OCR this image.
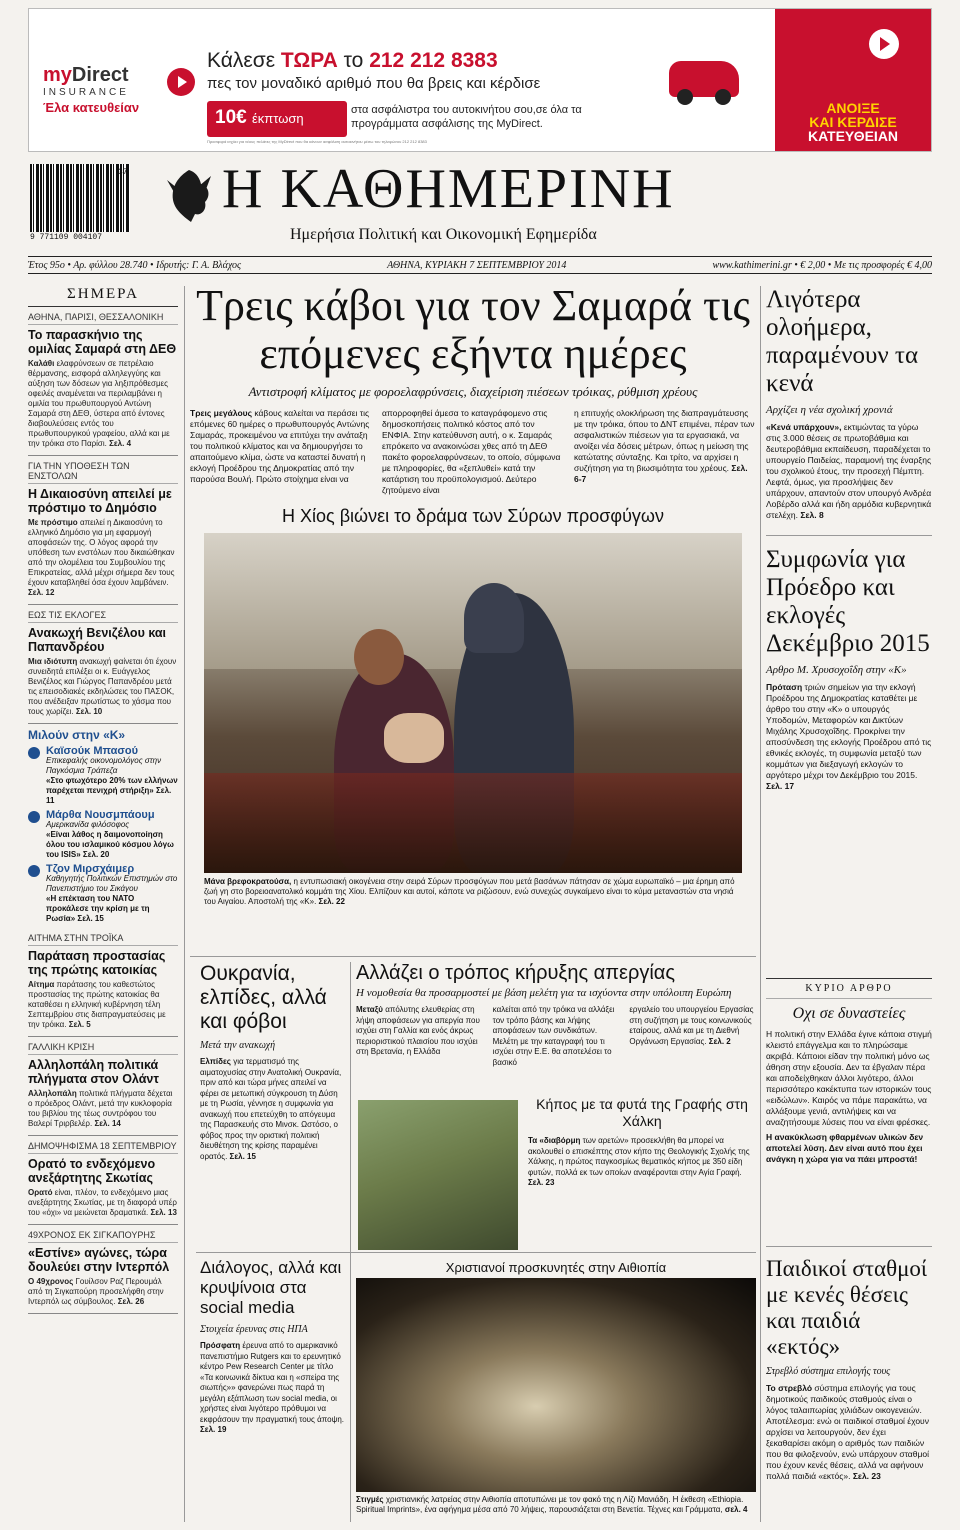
myDirect
INSURANCE
Έλα κατευθείαν
Κάλεσε ΤΩΡΑ το 212 212 8383
πες τον μοναδικό αριθμό που θα βρεις και κέρδισε
10€ έκπτωση
στα ασφάλιστρα του αυτοκινήτου σου,σε όλα τα προγράμματα ασφάλισης της MyDirect.
Προσφορά ισχύει για νέους πελάτες της MyDirect που θα κάνουν ασφάλιση αυτοκινήτου μέσω του τηλεφώνου 212 212 8383
ΑΝΟΙΞΕ
ΚΑΙ ΚΕΡΔΙΣΕ
ΚΑΤΕΥΘΕΙΑΝ
9 771109 004107
37 Η ΚΑΘΗΜΕΡΙΝΗ
Ημερήσια Πολιτική και Οικονομική Εφημερίδα
Έτος 95ο • Αρ. φύλλου 28.740 • Ιδρυτής: Γ. Α. Βλάχος	ΑΘΗΝΑ, ΚΥΡΙΑΚΗ 7 ΣΕΠΤΕΜΒΡΙΟΥ 2014	www.kathimerini.gr • € 2,00 • Με τις προσφορές € 4,00
ΣΗΜΕΡΑ
ΑΘΗΝΑ, ΠΑΡΙΣΙ, ΘΕΣΣΑΛΟΝΙΚΗ
Το παρασκήνιο της ομιλίας Σαμαρά στη ΔΕΘ
Καλάθι ελαφρύνσεων σε πετρέλαιο θέρμανσης, εισφορά αλληλεγγύης και αύξηση των δόσεων για ληξιπρόθεσμες οφειλές αναμένεται να περιλαμβάνει η ομιλία του πρωθυπουργού Αντώνη Σαμαρά στη ΔΕΘ, ύστερα από έντονες διαβουλεύσεις εντός του πρωθυπουργικού γραφείου, αλλά και με την τρόικα στο Παρίσι. Σελ. 4
ΓΙΑ ΤΗΝ ΥΠΟΘΕΣΗ ΤΩΝ ΕΝΣΤΟΛΩΝ
Η Δικαιοσύνη απειλεί με πρόστιμο το Δημόσιο
Με πρόστιμο απειλεί η Δικαιοσύνη το ελληνικό Δημόσιο για μη εφαρμογή αποφάσεών της. Ο λόγος αφορά την υπόθεση των ενστόλων που δικαιώθηκαν από την ολομέλεια του Συμβουλίου της Επικρατείας, αλλά μέχρι σήμερα δεν τους έχουν καταβληθεί όσα έχουν λαμβάνειν. Σελ. 12
ΕΩΣ ΤΙΣ ΕΚΛΟΓΕΣ
Ανακωχή Βενιζέλου και Παπανδρέου
Μια ιδιότυπη ανακωχή φαίνεται ότι έχουν συνειδητά επιλέξει οι κ. Ευάγγελος Βενιζέλος και Γιώργος Παπανδρέου μετά τις επεισοδιακές εκδηλώσεις του ΠΑΣΟΚ, που ανέδειξαν πρωτίστως το χάσμα που τους χωρίζει. Σελ. 10
Μιλούν στην «Κ»
Καϊσούκ Μπασού
Επικεφαλής οικονομολόγος στην Παγκόσμια Τράπεζα
«Στο φτωχότερο 20% των ελλήνων παρέχεται πενιχρή στήριξη» Σελ. 11
Μάρθα Νουσμπάουμ
Αμερικανίδα φιλόσοφος
«Είναι λάθος η δαιμονοποίηση όλου του ισλαμικού κόσμου λόγω του ISIS» Σελ. 20
Τζον Μιρσχάιμερ
Καθηγητής Πολιτικών Επιστημών στο Πανεπιστήμιο του Σικάγου
«Η επέκταση του ΝΑΤΟ προκάλεσε την κρίση με τη Ρωσία» Σελ. 15
ΑΙΤΗΜΑ ΣΤΗΝ ΤΡΟΪΚΑ
Παράταση προστασίας της πρώτης κατοικίας
Αίτημα παράτασης του καθεστώτος προστασίας της πρώτης κατοικίας θα καταθέσει η ελληνική κυβέρνηση τέλη Σεπτεμβρίου στις διαπραγματεύσεις με την τρόικα. Σελ. 5
ΓΑΛΛΙΚΗ ΚΡΙΣΗ
Αλληλοπάλη πολιτικά πλήγματα στον Ολάντ
Αλληλοπάλη πολιτικά πλήγματα δέχεται ο πρόεδρος Ολάντ, μετά την κυκλοφορία του βιβλίου της τέως συντρόφου του Βαλερί Τριρβελέρ. Σελ. 14
ΔΗΜΟΨΗΦΙΣΜΑ 18 ΣΕΠΤΕΜΒΡΙΟΥ
Ορατό το ενδεχόμενο ανεξάρτητης Σκωτίας
Ορατό είναι, πλέον, το ενδεχόμενο μιας ανεξάρτητης Σκωτίας, με τη διαφορά υπέρ του «όχι» να μειώνεται δραματικά. Σελ. 13
49ΧΡΟΝΟΣ ΕΚ ΣΙΓΚΑΠΟΥΡΗΣ
«Εστίνε» αγώνες, τώρα δουλεύει στην Ιντερπόλ
Ο 49χρονος Γουίλσον Ραζ Περουμάλ από τη Σιγκαπούρη προσελήφθη στην Ιντερπόλ ως σύμβουλος. Σελ. 26
Τρεις κάβοι για τον Σαμαρά τις επόμενες εξήντα ημέρες
Αντιστροφή κλίματος με φοροελαφρύνσεις, διαχείριση πιέσεων τρόικας, ρύθμιση χρέους
Τρεις μεγάλους κάβους καλείται να περάσει τις επόμενες 60 ημέρες ο πρωθυπουργός Αντώνης Σαμαράς, προκειμένου να επιτύχει την ανάταξη του πολιτικού κλίματος και να δημιουργήσει το απαιτούμενο κλίμα, ώστε να καταστεί δυνατή η εκλογή Προέδρου της Δημοκρατίας από την παρούσα Βουλή. Πρώτο στοίχημα είναι να
απορροφηθεί άμεσα το καταγράφομενο στις δημοσκοπήσεις πολιτικό κόστος από τον ΕΝΦΙΑ. Στην κατεύθυνση αυτή, ο κ. Σαμαράς επρόκειτο να ανακοινώσει χθες από τη ΔΕΘ πακέτο φοροελαφρύνσεων, το οποίο, σύμφωνα με πληροφορίες, θα «ξεπλυθεί» κατά την κατάρτιση του προϋπολογισμού. Δεύτερο ζητούμενο είναι
η επιτυχής ολοκλήρωση της διαπραγμάτευσης με την τρόικα, όπου το ΔΝΤ επιμένει, πέραν των ασφαλιστικών πιέσεων για τα εργασιακά, να ανοίξει νέα δόσεις μέτρων, όπως η μείωση της κατώτατης σύνταξης. Και τρίτο, να αρχίσει η συζήτηση για τη βιωσιμότητα του χρέους. Σελ. 6-7
Η Χίος βιώνει το δράμα των Σύρων προσφύγων
Μάνα βρεφοκρατούσα, η εντυπωσιακή οικογένεια στην σειρά Σύρων προσφύγων που μετά βασάνων πάτησαν σε χώμα ευρωπαϊκό – μια έρημη από ζωή γη στο βορειοανατολικό κομμάτι της Χίου. Ελπίζουν και αυτοί, κάποτε να ριζώσουν, ενώ συνεχώς συγκαίμενο είναι το κύμα μεταναστών στα νησιά του Αιγαίου. Αποστολή της «Κ». Σελ. 22
Λιγότερα ολοήμερα, παραμένουν τα κενά
Αρχίζει η νέα σχολική χρονιά
«Κενά υπάρχουν», εκτιμώντας τα γύρω στις 3.000 θέσεις σε πρωτοβάθμια και δευτεροβάθμια εκπαίδευση, παραδέχεται το υπουργείο Παιδείας, παραμονή της έναρξης του σχολικού έτους, την προσεχή Πέμπτη. Λεφτά, όμως, για προσλήψεις δεν υπάρχουν, απαντούν στον υπουργό Ανδρέα Λοβέρδο αλλά και ήδη αρμόδια κυβερνητικά στελέχη. Σελ. 8
Συμφωνία για Πρόεδρο και εκλογές Δεκέμβριο 2015
Αρθρο Μ. Χρυσοχοΐδη στην «Κ»
Πρόταση τριών σημείων για την εκλογή Προέδρου της Δημοκρατίας καταθέτει με άρθρο του στην «Κ» ο υπουργός Υποδομών, Μεταφορών και Δικτύων Μιχάλης Χρυσοχοΐδης. Προκρίνει την αποσύνδεση της εκλογής Προέδρου από τις εθνικές εκλογές, τη συμφωνία μεταξύ των κομμάτων για διεξαγωγή εκλογών το αργότερο μέχρι τον Δεκέμβριο του 2015. Σελ. 17
Ουκρανία, ελπίδες, αλλά και φόβοι
Μετά την ανακωχή
Ελπίδες για τερματισμό της αιματοχυσίας στην Ανατολική Ουκρανία, πριν από και τώρα μήνες απειλεί να φέρει σε μετωπική σύγκρουση τη Δύση με τη Ρωσία, γέννησε η συμφωνία για ανακωχή που επετεύχθη το απόγευμα της Παρασκευής στο Μινσκ. Ωστόσο, ο φόβος προς την οριστική πολιτική διευθέτηση της κρίσης παραμένει ορατός. Σελ. 15
Αλλάζει ο τρόπος κήρυξης απεργίας
Η νομοθεσία θα προσαρμοστεί με βάση μελέτη για τα ισχύοντα στην υπόλοιπη Ευρώπη
Μεταξύ απόλυτης ελευθερίας στη λήψη αποφάσεων για απεργία που ισχύει στη Γαλλία και ενός άκρως περιοριστικού πλαισίου που ισχύει στη Βρετανία, η Ελλάδα
καλείται από την τρόικα να αλλάξει τον τρόπο βάσης και λήψης αποφάσεων των συνδικάτων. Μελέτη με την καταγραφή του τι ισχύει στην Ε.Ε. θα αποτελέσει το βασικό
εργαλείο του υπουργείου Εργασίας στη συζήτηση με τους κοινωνικούς εταίρους, αλλά και με τη Διεθνή Οργάνωση Εργασίας. Σελ. 2
Κήπος με τα φυτά της Γραφής στη Χάλκη
Τα «διαβόρμη των αρετών» προσεκλήθη θα μπορεί να ακολουθεί ο επισκέπτης στον κήπο της Θεολογικής Σχολής της Χάλκης, η πρώτος παγκοσμίως θεματικός κήπος με 350 είδη φυτών, πολλά εκ των οποίων αναφέρονται στην Αγία Γραφή. Σελ. 23
Διάλογος, αλλά και κρυψίνοια στα social media
Στοιχεία έρευνας στις ΗΠΑ
Πρόσφατη έρευνα από το αμερικανικό πανεπιστήμιο Rutgers και το ερευνητικό κέντρο Pew Research Center με τίτλο «Τα κοινωνικά δίκτυα και η «σπείρα της σιωπής»» φανερώνει πως παρά τη μεγάλη εξάπλωση των social media, οι χρήστες είναι λιγότερο πρόθυμοι να εκφράσουν την πραγματική τους άποψη. Σελ. 19
Χριστιανοί προσκυνητές στην Αιθιοπία
Στιγμές χριστιανικής λατρείας στην Αιθιοπία αποτυπώνει με τον φακό της η Λίζι Μανιάδη. Η έκθεση «Ethiopia. Spiritual Imprints», ένα αφήγημα μέσα από 70 λήψεις, παρουσιάζεται στη Βενετία. Τέχνες και Γράμματα, σελ. 4
ΚΥΡΙΟ ΑΡΘΡΟ
Οχι σε δυναστείες
Η πολιτική στην Ελλάδα έγινε κάποια στιγμή κλειστό επάγγελμα και το πληρώσαμε ακριβά. Κάποιοι είδαν την πολιτική μόνο ως άθηση στην εξουσία. Δεν τα έβγαλαν πέρα και αποδείχθηκαν άλλοι λιγότερο, άλλοι περισσότερο κακέκτυπα των ιστορικών τους «ειδώλων». Καιρός να πάμε παρακάτω, να αλλάξουμε γενιά, αντιλήψεις και να αναζητήσουμε λύσεις που να είναι φρέσκες.
Η ανακύκλωση φθαρμένων υλικών δεν αποτελεί λύση. Δεν είναι αυτό που έχει ανάγκη η χώρα για να πάει μπροστά!
Παιδικοί σταθμοί με κενές θέσεις και παιδιά «εκτός»
Στρεβλό σύστημα επιλογής τους
Το στρεβλό σύστημα επιλογής για τους δημοτικούς παιδικούς σταθμούς είναι ο λόγος ταλαιπωρίας χιλιάδων οικογενειών. Αποτέλεσμα: ενώ οι παιδικοί σταθμοί έχουν αρχίσει να λειτουργούν, δεν έχει ξεκαθαρίσει ακόμη ο αριθμός των παιδιών που θα φιλοξενούν, ενώ υπάρχουν σταθμοί που έχουν κενές θέσεις, αλλά να αφήνουν πολλά παιδιά «εκτός». Σελ. 23
